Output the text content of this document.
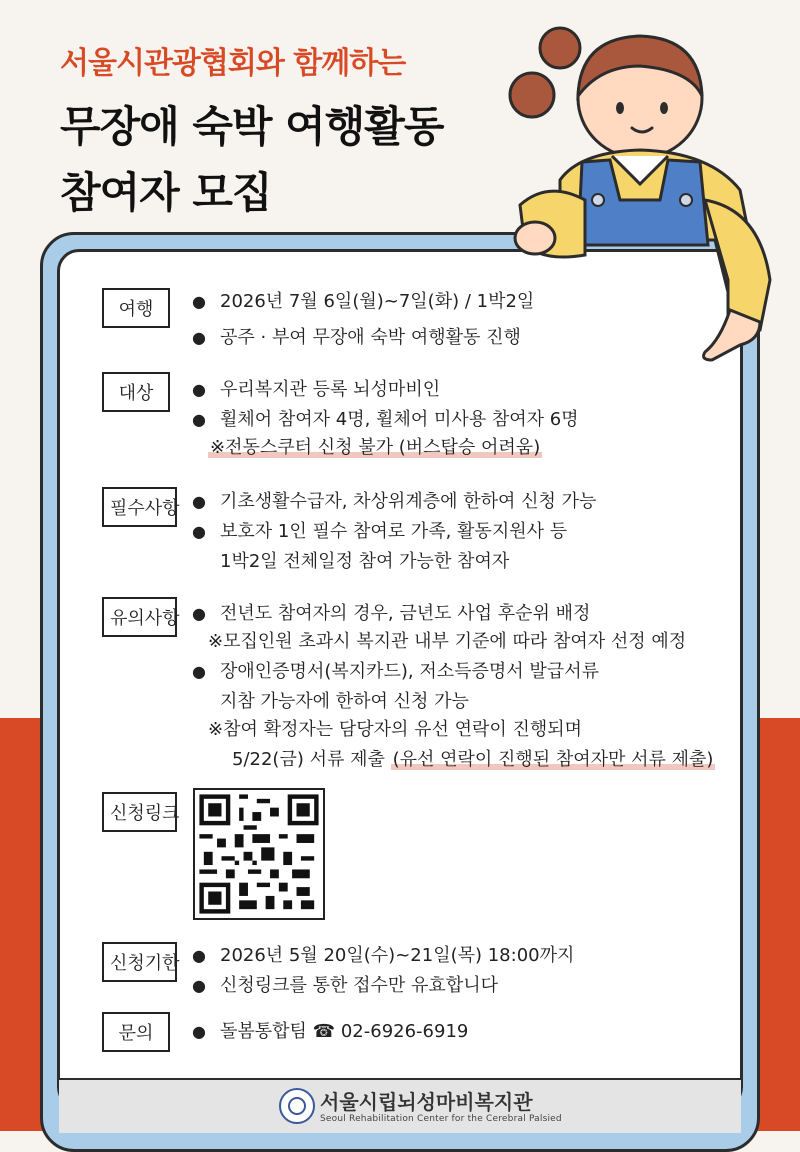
서울시관광협회와 함께하는
무장애 숙박 여행활동
참여자 모집
여행	● 2026년 7월 6일(월)~7일(화) / 1박2일
● 공주 · 부여 무장애 숙박 여행활동 진행
대상	● 우리복지관 등록 뇌성마비인
● 휠체어 참여자 4명, 휠체어 미사용 참여자 6명
※전동스쿠터 신청 불가 (버스탑승 어려움)
필수사항 ● 기초생활수급자, 차상위계층에 한하여 신청 가능
● 보호자 1인 필수 참여로 가족, 활동지원사 등
1박2일 전체일정 참여 가능한 참여자
유의사항 ● 전년도 참여자의 경우, 금년도 사업 후순위 배정
※모집인원 초과시 복지관 내부 기준에 따라 참여자 선정 예정
● 장애인증명서(복지카드), 저소득증명서 발급서류
지참 가능자에 한하여 신청 가능
※참여 확정자는 담당자의 유선 연락이 진행되며
5/22(금) 서류 제출 (유선 연락이 진행된 참여자만 서류 제출)
신청링크
신청기한 ● 2026년 5월 20일(수)~21일(목) 18:00까지
● 신청링크를 통한 접수만 유효합니다
문의	● 돌봄통합팀 ☎ 02-6926-6919
서울시립뇌성마비복지관
Seoul Rehabilitation Center for the Cerebral Palsied
